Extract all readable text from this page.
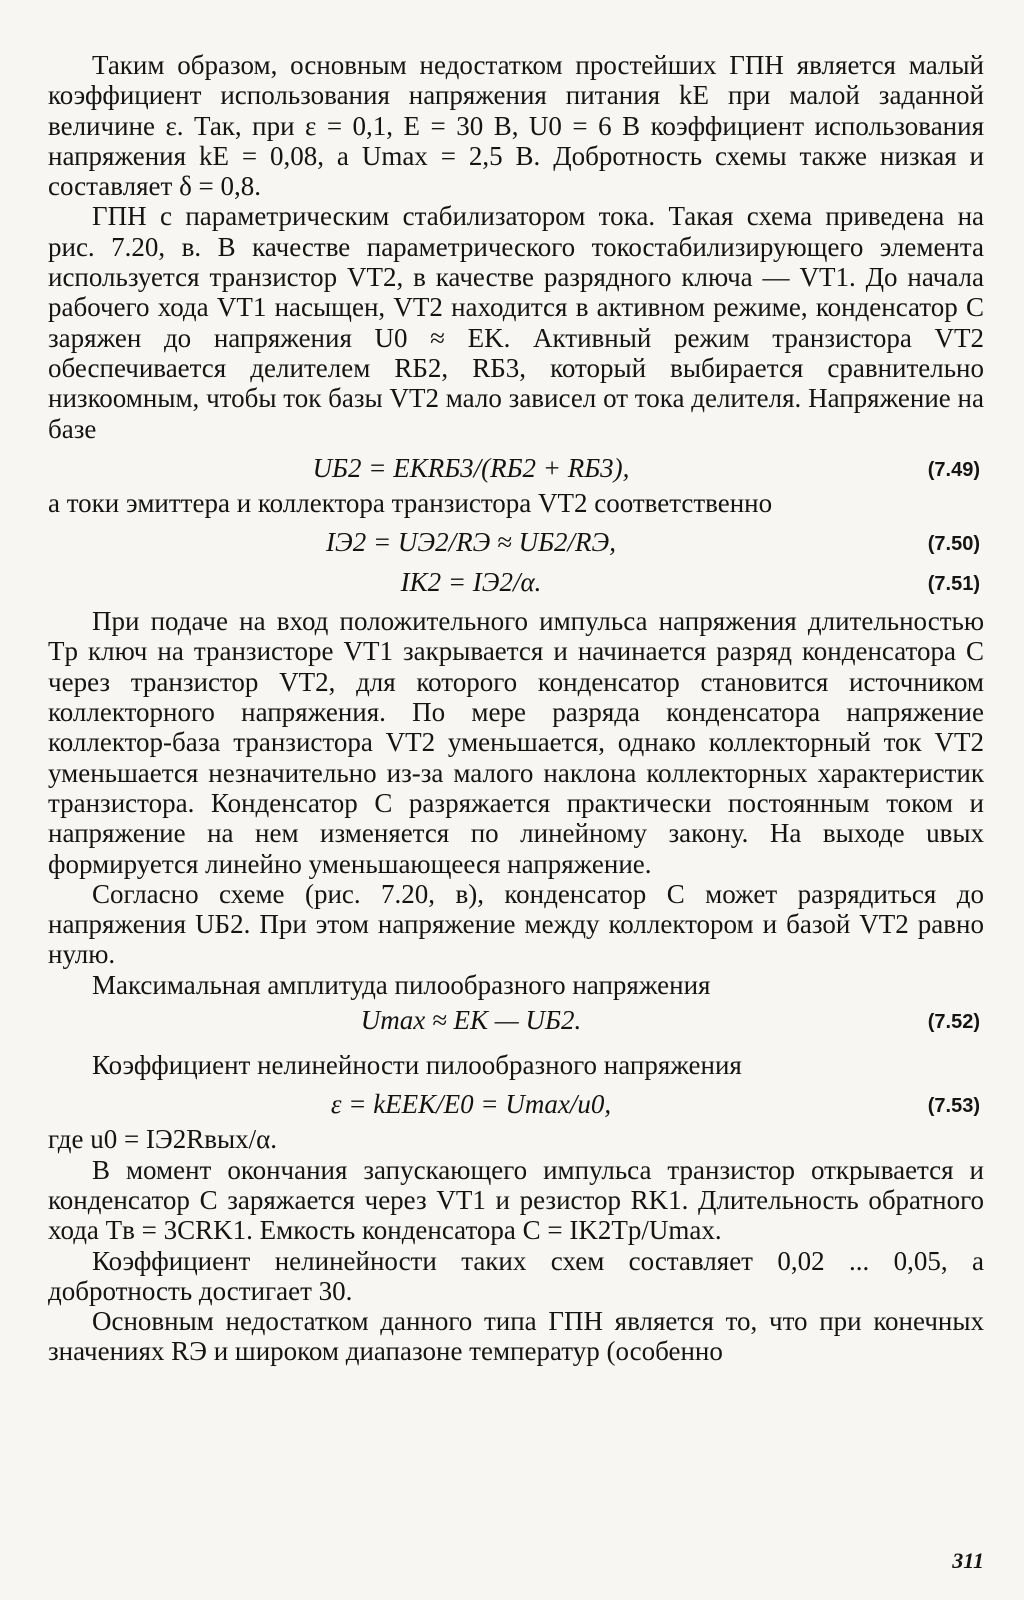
Таким образом, основным недостатком простейших ГПН является малый коэффициент использования напряжения питания kE при малой заданной величине ε. Так, при ε = 0,1, E = 30 В, U0 = 6 В коэффициент использования напряжения kE = 0,08, а Umax = 2,5 В. Добротность схемы также низкая и составляет δ = 0,8.

ГПН с параметрическим стабилизатором тока. Такая схема приведена на рис. 7.20, в. В качестве параметрического токостабилизирующего элемента используется транзистор VT2, в качестве разрядного ключа — VT1. До начала рабочего хода VT1 насыщен, VT2 находится в активном режиме, конденсатор C заряжен до напряжения U0 ≈ EK. Активный режим транзистора VT2 обеспечивается делителем RБ2, RБ3, который выбирается сравнительно низкоомным, чтобы ток базы VT2 мало зависел от тока делителя. Напряжение на базе

UБ2 = EKRБ3/(RБ2 + RБ3),	(7.49)

а токи эмиттера и коллектора транзистора VT2 соответственно

IЭ2 = UЭ2/RЭ ≈ UБ2/RЭ,	(7.50)
IK2 = IЭ2/α.	(7.51)

При подаче на вход положительного импульса напряжения длительностью Tр ключ на транзисторе VT1 закрывается и начинается разряд конденсатора C через транзистор VT2, для которого конденсатор становится источником коллекторного напряжения. По мере разряда конденсатора напряжение коллектор-база транзистора VT2 уменьшается, однако коллекторный ток VT2 уменьшается незначительно из-за малого наклона коллекторных характеристик транзистора. Конденсатор C разряжается практически постоянным током и напряжение на нем изменяется по линейному закону. На выходе uвых формируется линейно уменьшающееся напряжение.

Согласно схеме (рис. 7.20, в), конденсатор C может разрядиться до напряжения UБ2. При этом напряжение между коллектором и базой VT2 равно нулю.

Максимальная амплитуда пилообразного напряжения

Umax ≈ EK — UБ2.	(7.52)

Коэффициент нелинейности пилообразного напряжения

ε = kEEK/E0 = Umax/u0,	(7.53)

где u0 = IЭ2Rвых/α.

В момент окончания запускающего импульса транзистор открывается и конденсатор C заряжается через VT1 и резистор RK1. Длительность обратного хода Tв = 3CRK1. Емкость конденсатора C = IK2Tр/Umax.

Коэффициент нелинейности таких схем составляет 0,02 ... 0,05, а добротность достигает 30.

Основным недостатком данного типа ГПН является то, что при конечных значениях RЭ и широком диапазоне температур (особенно

311
